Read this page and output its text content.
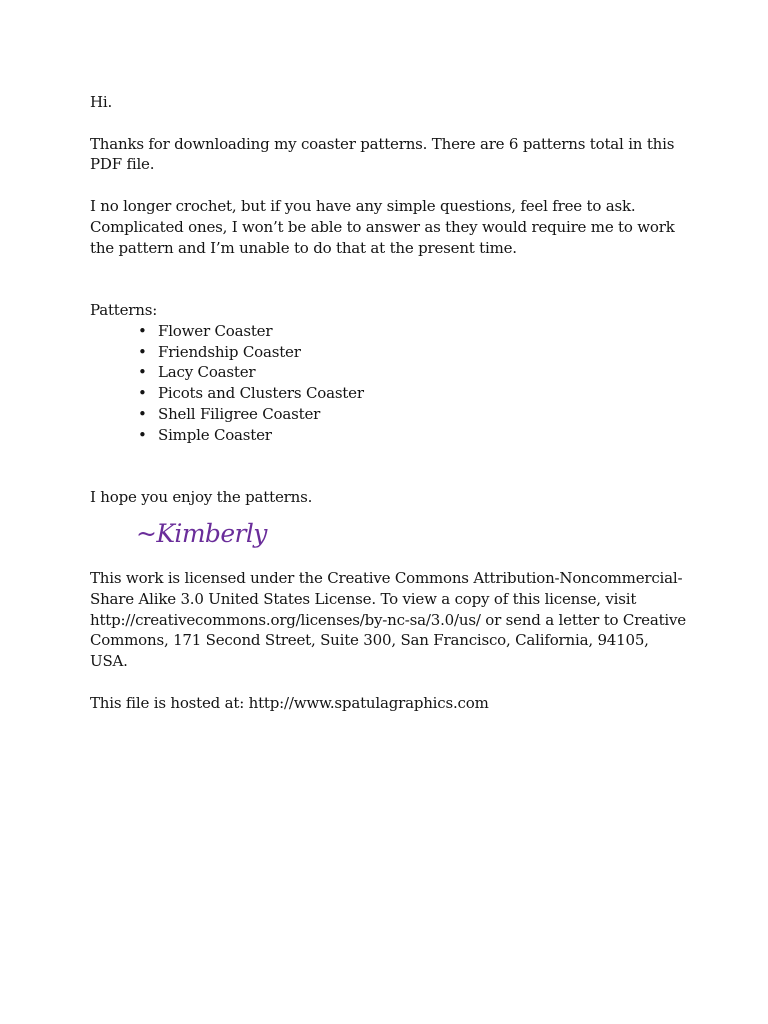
Hi.

Thanks for downloading my coaster patterns. There are 6 patterns total in this PDF file.

I no longer crochet, but if you have any simple questions, feel free to ask. Complicated ones, I won’t be able to answer as they would require me to work the pattern and I’m unable to do that at the present time.

Patterns:

• Flower Coaster
• Friendship Coaster
• Lacy Coaster
• Picots and Clusters Coaster
• Shell Filigree Coaster
• Simple Coaster

I hope you enjoy the patterns.

~Kimberly

This work is licensed under the Creative Commons Attribution-Noncommercial-Share Alike 3.0 United States License. To view a copy of this license, visit http://creativecommons.org/licenses/by-nc-sa/3.0/us/ or send a letter to Creative Commons, 171 Second Street, Suite 300, San Francisco, California, 94105, USA.

This file is hosted at: http://www.spatulagraphics.com
